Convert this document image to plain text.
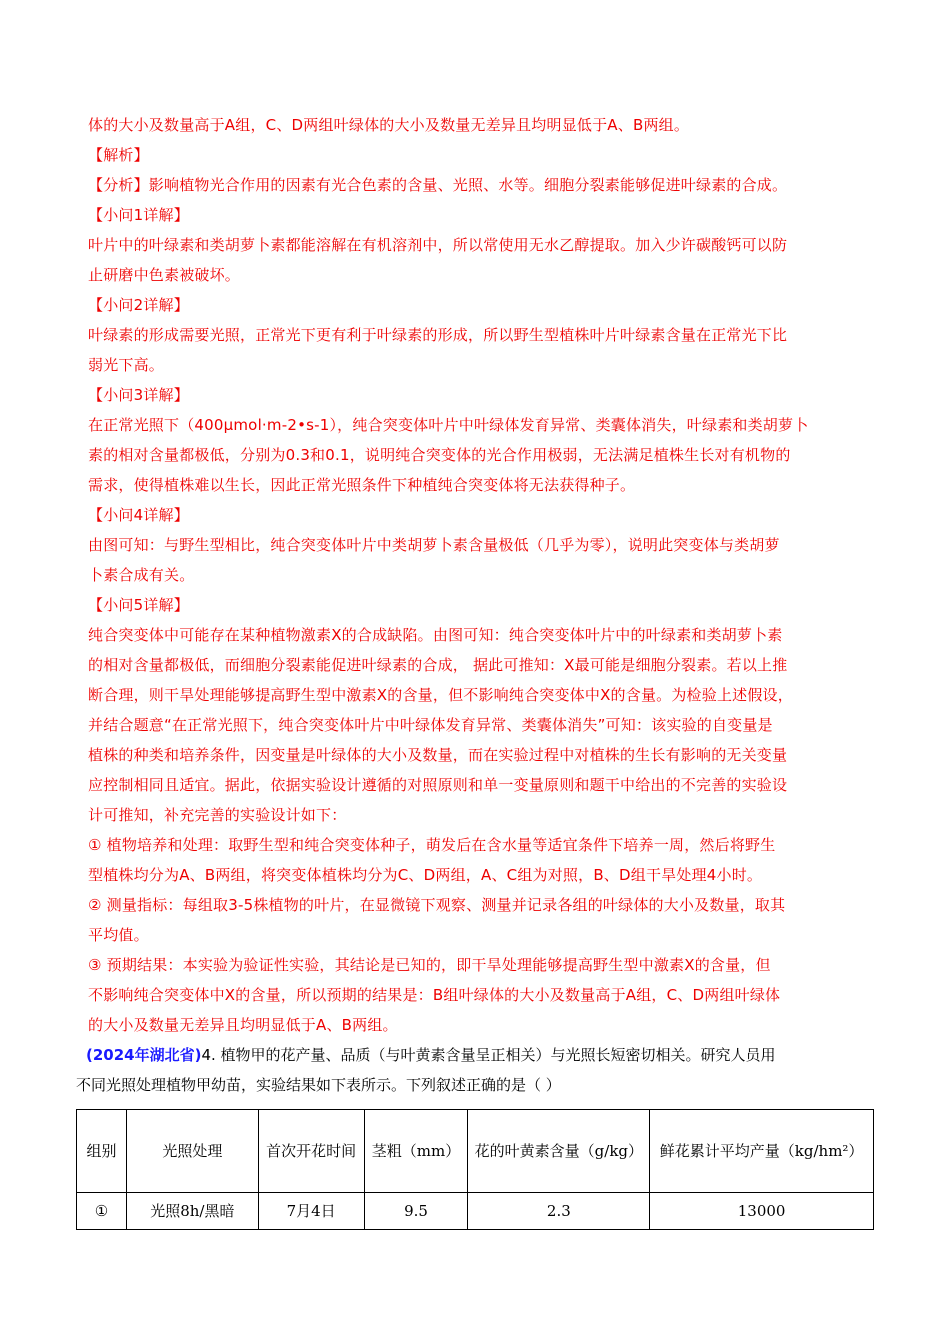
体的大小及数量高于A组，C、D两组叶绿体的大小及数量无差异且均明显低于A、B两组。
【解析】
【分析】影响植物光合作用的因素有光合色素的含量、光照、水等。细胞分裂素能够促进叶绿素的合成。
【小问1详解】
叶片中的叶绿素和类胡萝卜素都能溶解在有机溶剂中，所以常使用无水乙醇提取。加入少许碳酸钙可以防
止研磨中色素被破坏。
【小问2详解】
叶绿素的形成需要光照，正常光下更有利于叶绿素的形成，所以野生型植株叶片叶绿素含量在正常光下比
弱光下高。
【小问3详解】
在正常光照下（400μmol·m-2•s-1），纯合突变体叶片中叶绿体发育异常、类囊体消失，叶绿素和类胡萝卜
素的相对含量都极低，分别为0.3和0.1，说明纯合突变体的光合作用极弱，无法满足植株生长对有机物的
需求，使得植株难以生长，因此正常光照条件下种植纯合突变体将无法获得种子。
【小问4详解】
由图可知：与野生型相比，纯合突变体叶片中类胡萝卜素含量极低（几乎为零），说明此突变体与类胡萝
卜素合成有关。
【小问5详解】
纯合突变体中可能存在某种植物激素X的合成缺陷。由图可知：纯合突变体叶片中的叶绿素和类胡萝卜素
的相对含量都极低，而细胞分裂素能促进叶绿素的合成， 据此可推知：X最可能是细胞分裂素。若以上推
断合理，则干旱处理能够提高野生型中激素X的含量，但不影响纯合突变体中X的含量。为检验上述假设，
并结合题意“在正常光照下，纯合突变体叶片中叶绿体发育异常、类囊体消失”可知：该实验的自变量是
植株的种类和培养条件，因变量是叶绿体的大小及数量，而在实验过程中对植株的生长有影响的无关变量
应控制相同且适宜。据此，依据实验设计遵循的对照原则和单一变量原则和题干中给出的不完善的实验设
计可推知，补充完善的实验设计如下：
① 植物培养和处理：取野生型和纯合突变体种子，萌发后在含水量等适宜条件下培养一周，然后将野生
型植株均分为A、B两组，将突变体植株均分为C、D两组，A、C组为对照，B、D组干旱处理4小时。
② 测量指标：每组取3-5株植物的叶片，在显微镜下观察、测量并记录各组的叶绿体的大小及数量，取其
平均值。
③ 预期结果：本实验为验证性实验，其结论是已知的，即干旱处理能够提高野生型中激素X的含量，但
不影响纯合突变体中X的含量，所以预期的结果是：B组叶绿体的大小及数量高于A组，C、D两组叶绿体
的大小及数量无差异且均明显低于A、B两组。
(2024年湖北省)4. 植物甲的花产量、品质（与叶黄素含量呈正相关）与光照长短密切相关。研究人员用
不同光照处理植物甲幼苗，实验结果如下表所示。下列叙述正确的是（ ）
组别	光照处理	首次开花时间	茎粗（mm）	花的叶黄素含量（g/kg）	鲜花累计平均产量（kg/hm²）
①	光照8h/黑暗	7月4日	9.5	2.3	13000
